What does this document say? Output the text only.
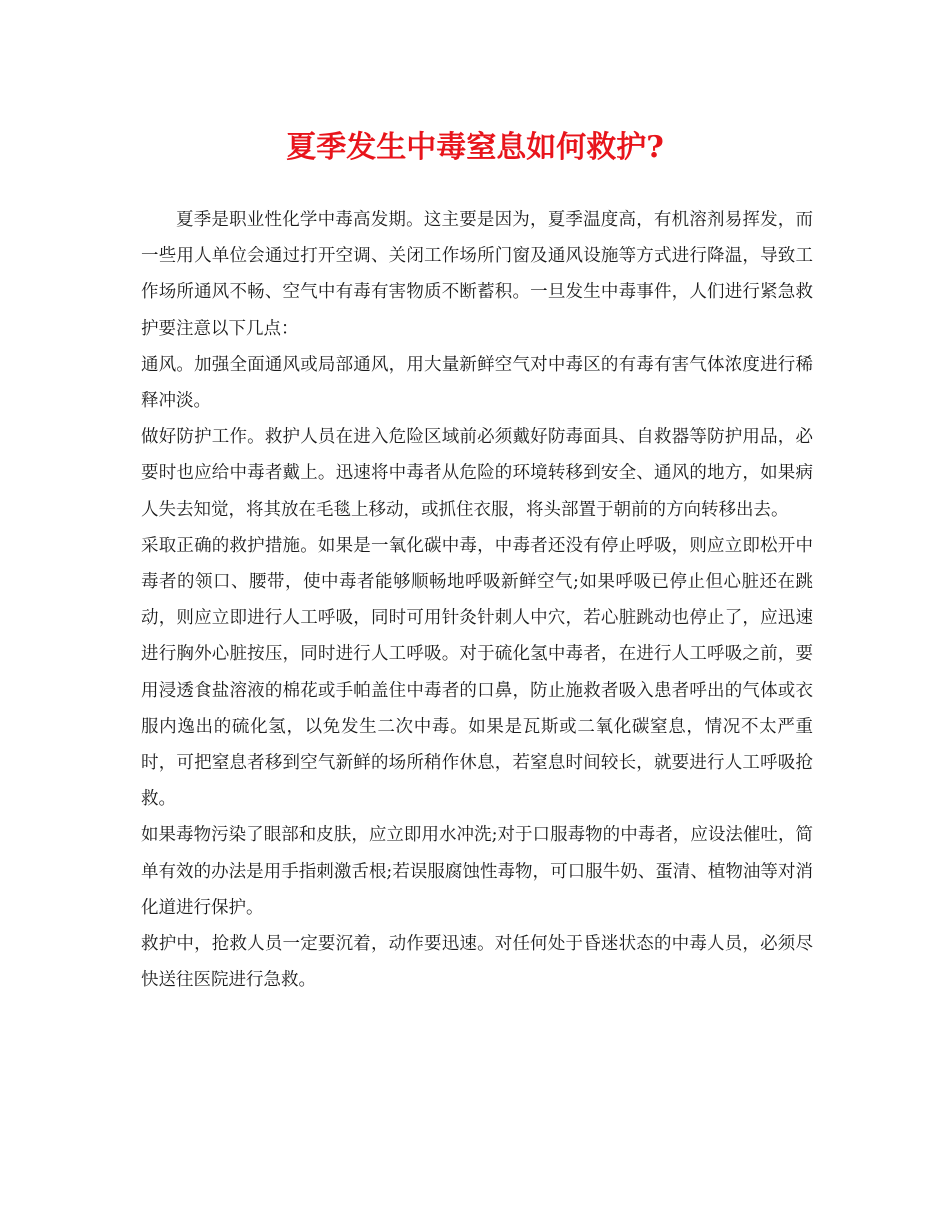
夏季发生中毒窒息如何救护?

夏季是职业性化学中毒高发期。这主要是因为，夏季温度高，有机溶剂易挥发，而一些用人单位会通过打开空调、关闭工作场所门窗及通风设施等方式进行降温，导致工作场所通风不畅、空气中有毒有害物质不断蓄积。一旦发生中毒事件，人们进行紧急救护要注意以下几点：

通风。加强全面通风或局部通风，用大量新鲜空气对中毒区的有毒有害气体浓度进行稀释冲淡。

做好防护工作。救护人员在进入危险区域前必须戴好防毒面具、自救器等防护用品，必要时也应给中毒者戴上。迅速将中毒者从危险的环境转移到安全、通风的地方，如果病人失去知觉，将其放在毛毯上移动，或抓住衣服，将头部置于朝前的方向转移出去。

采取正确的救护措施。如果是一氧化碳中毒，中毒者还没有停止呼吸，则应立即松开中毒者的领口、腰带，使中毒者能够顺畅地呼吸新鲜空气;如果呼吸已停止但心脏还在跳动，则应立即进行人工呼吸，同时可用针灸针刺人中穴，若心脏跳动也停止了，应迅速进行胸外心脏按压，同时进行人工呼吸。对于硫化氢中毒者，在进行人工呼吸之前，要用浸透食盐溶液的棉花或手帕盖住中毒者的口鼻，防止施救者吸入患者呼出的气体或衣服内逸出的硫化氢，以免发生二次中毒。如果是瓦斯或二氧化碳窒息，情况不太严重时，可把窒息者移到空气新鲜的场所稍作休息，若窒息时间较长，就要进行人工呼吸抢救。

如果毒物污染了眼部和皮肤，应立即用水冲洗;对于口服毒物的中毒者，应设法催吐，简单有效的办法是用手指刺激舌根;若误服腐蚀性毒物，可口服牛奶、蛋清、植物油等对消化道进行保护。

救护中，抢救人员一定要沉着，动作要迅速。对任何处于昏迷状态的中毒人员，必须尽快送往医院进行急救。
